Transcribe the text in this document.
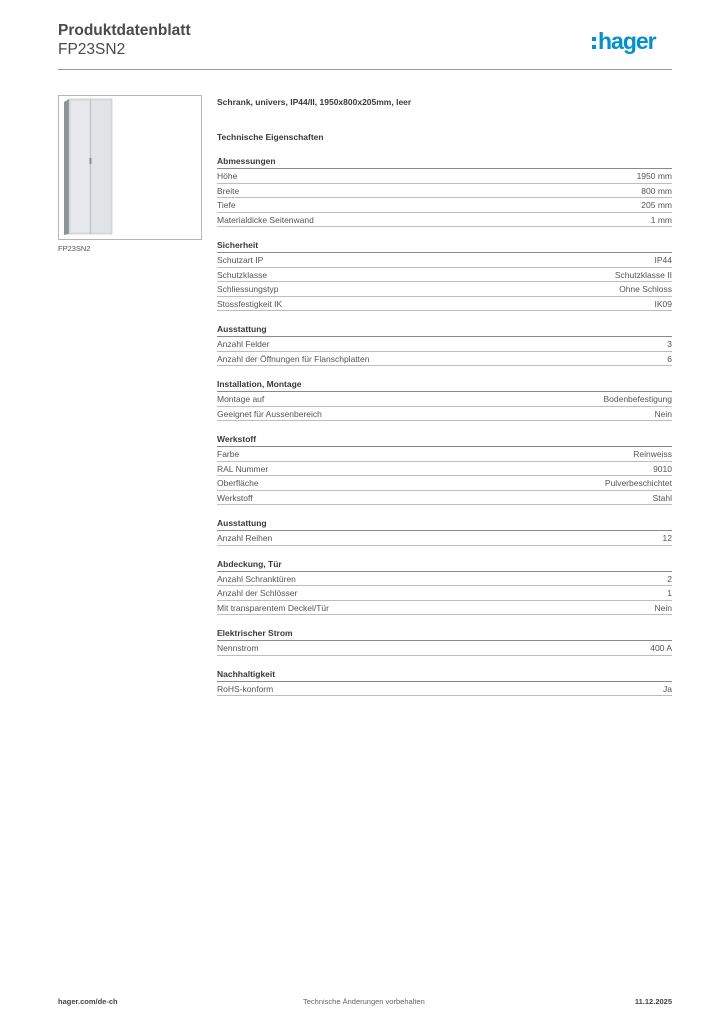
Produktdatenblatt
FP23SN2	hager
FP23SN2
Schrank, univers, IP44/II, 1950x800x205mm, leer
Technische Eigenschaften
Abmessungen
Höhe	1950 mm
Breite	800 mm
Tiefe	205 mm
Materialdicke Seitenwand	1 mm
Sicherheit
Schutzart IP	IP44
Schutzklasse	Schutzklasse II
Schliessungstyp	Ohne Schloss
Stossfestigkeit IK	IK09
Ausstattung
Anzahl Felder	3
Anzahl der Öffnungen für Flanschplatten	6
Installation, Montage
Montage auf	Bodenbefestigung
Geeignet für Aussenbereich	Nein
Werkstoff
Farbe	Reinweiss
RAL Nummer	9010
Oberfläche	Pulverbeschichtet
Werkstoff	Stahl
Ausstattung
Anzahl Reihen	12
Abdeckung, Tür
Anzahl Schranktüren	2
Anzahl der Schlösser	1
Mit transparentem Deckel/Tür	Nein
Elektrischer Strom
Nennstrom	400 A
Nachhaltigkeit
RoHS-konform	Ja
hager.com/de-ch	Technische Änderungen vorbehalten	11.12.2025
